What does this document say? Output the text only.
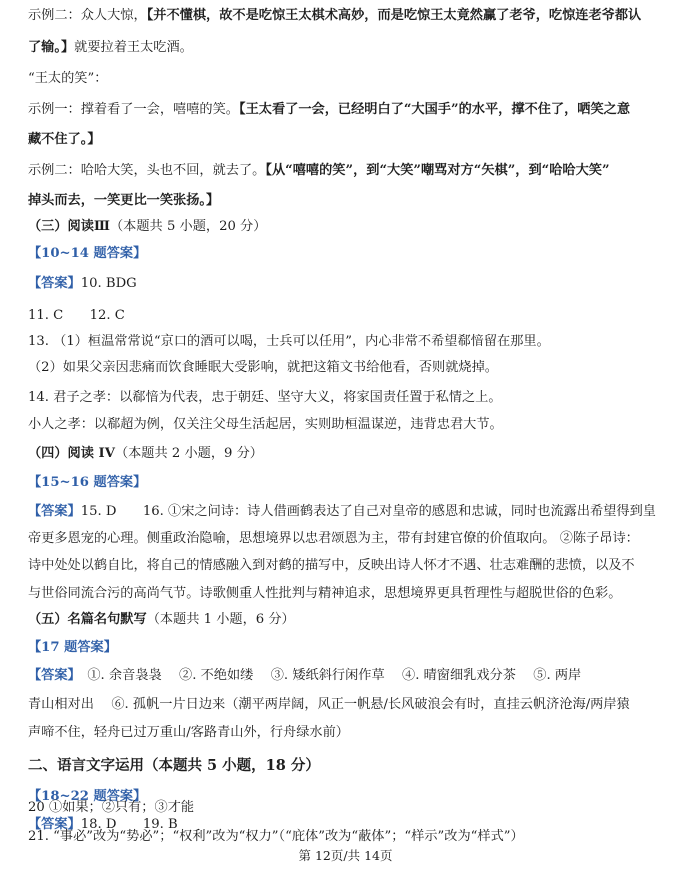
示例二：众人大惊，【并不懂棋，故不是吃惊王太棋术高妙，而是吃惊王太竟然赢了老爷，吃惊连老爷都认
了输。】就要拉着王太吃酒。
“王太的笑”：
示例一：撑着看了一会，嘻嘻的笑。【王太看了一会，已经明白了“大国手”的水平，撑不住了，哂笑之意
藏不住了。】
示例二：哈哈大笑，头也不回，就去了。【从“嘻嘻的笑”，到“大笑”嘲骂对方“矢棋”，到“哈哈大笑”
掉头而去，一笑更比一笑张扬。】
（三）阅读Ⅲ（本题共 5 小题，20 分）
【10~14 题答案】
【答案】10. BDG
11. C　　12. C
13. （1）桓温常常说“京口的酒可以喝，士兵可以任用”，内心非常不希望郗愔留在那里。
（2）如果父亲因悲痛而饮食睡眠大受影响，就把这箱文书给他看，否则就烧掉。
14. 君子之孝：以郗愔为代表，忠于朝廷、坚守大义，将家国责任置于私情之上。
小人之孝：以郗超为例，仅关注父母生活起居，实则助桓温谋逆，违背忠君大节。
（四）阅读 IV（本题共 2 小题，9 分）
【15~16 题答案】
【答案】15. D　　16. ①宋之问诗：诗人借画鹤表达了自己对皇帝的感恩和忠诚，同时也流露出希望得到皇
帝更多恩宠的心理。侧重政治隐喻，思想境界以忠君颂恩为主，带有封建官僚的价值取向。 ②陈子昂诗：
诗中处处以鹤自比，将自己的情感融入到对鹤的描写中，反映出诗人怀才不遇、壮志难酬的悲愤，以及不
与世俗同流合污的高尚气节。诗歌侧重人性批判与精神追求，思想境界更具哲理性与超脱世俗的色彩。
（五）名篇名句默写（本题共 1 小题，6 分）
【17 题答案】
【答案】　①. 余音袅袅　 ②. 不绝如缕　 ③. 矮纸斜行闲作草　 ④. 晴窗细乳戏分茶　 ⑤. 两岸
青山相对出　 ⑥. 孤帆一片日边来（潮平两岸阔，风正一帆悬/长风破浪会有时，直挂云帆济沧海/两岸猿
声啼不住，轻舟已过万重山/客路青山外，行舟绿水前）
二、语言文字运用（本题共 5 小题，18 分）
【18~22 题答案】
【答案】18. D　　19. B
20 ①如果；②只有；③才能
21. “事必”改为“势必”；“权利”改为“权力”（“庇体”改为“蔽体”；“样示”改为“样式”）
第 12页/共 14页
